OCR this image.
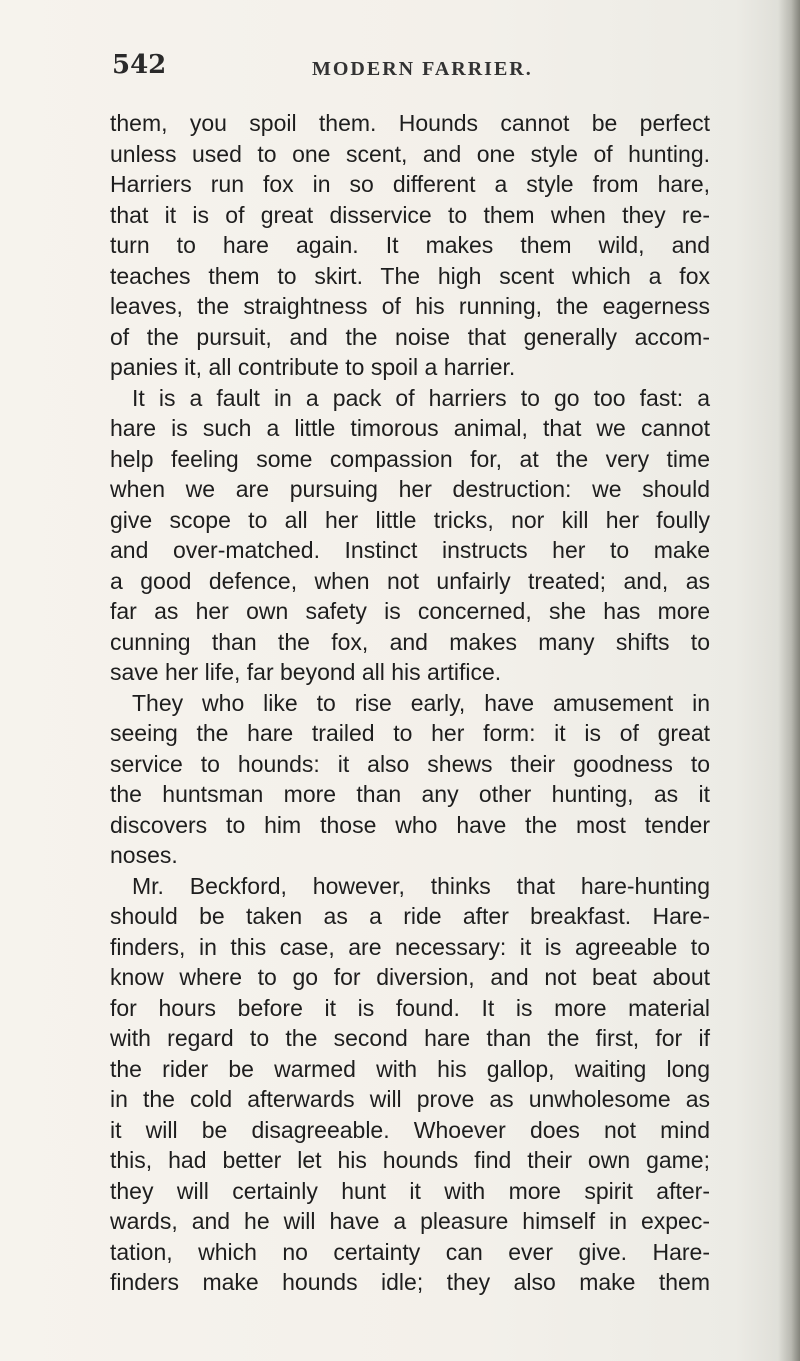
542	MODERN FARRIER.
them, you spoil them. Hounds cannot be perfect
unless used to one scent, and one style of hunting.
Harriers run fox in so different a style from hare,
that it is of great disservice to them when they re-
turn to hare again. It makes them wild, and
teaches them to skirt. The high scent which a fox
leaves, the straightness of his running, the eagerness
of the pursuit, and the noise that generally accom-
panies it, all contribute to spoil a harrier.
It is a fault in a pack of harriers to go too fast: a
hare is such a little timorous animal, that we cannot
help feeling some compassion for, at the very time
when we are pursuing her destruction: we should
give scope to all her little tricks, nor kill her foully
and over-matched. Instinct instructs her to make
a good defence, when not unfairly treated; and, as
far as her own safety is concerned, she has more
cunning than the fox, and makes many shifts to
save her life, far beyond all his artifice.
They who like to rise early, have amusement in
seeing the hare trailed to her form: it is of great
service to hounds: it also shews their goodness to
the huntsman more than any other hunting, as it
discovers to him those who have the most tender
noses.
Mr. Beckford, however, thinks that hare-hunting
should be taken as a ride after breakfast. Hare-
finders, in this case, are necessary: it is agreeable to
know where to go for diversion, and not beat about
for hours before it is found. It is more material
with regard to the second hare than the first, for if
the rider be warmed with his gallop, waiting long
in the cold afterwards will prove as unwholesome as
it will be disagreeable. Whoever does not mind
this, had better let his hounds find their own game;
they will certainly hunt it with more spirit after-
wards, and he will have a pleasure himself in expec-
tation, which no certainty can ever give. Hare-
finders make hounds idle; they also make them
